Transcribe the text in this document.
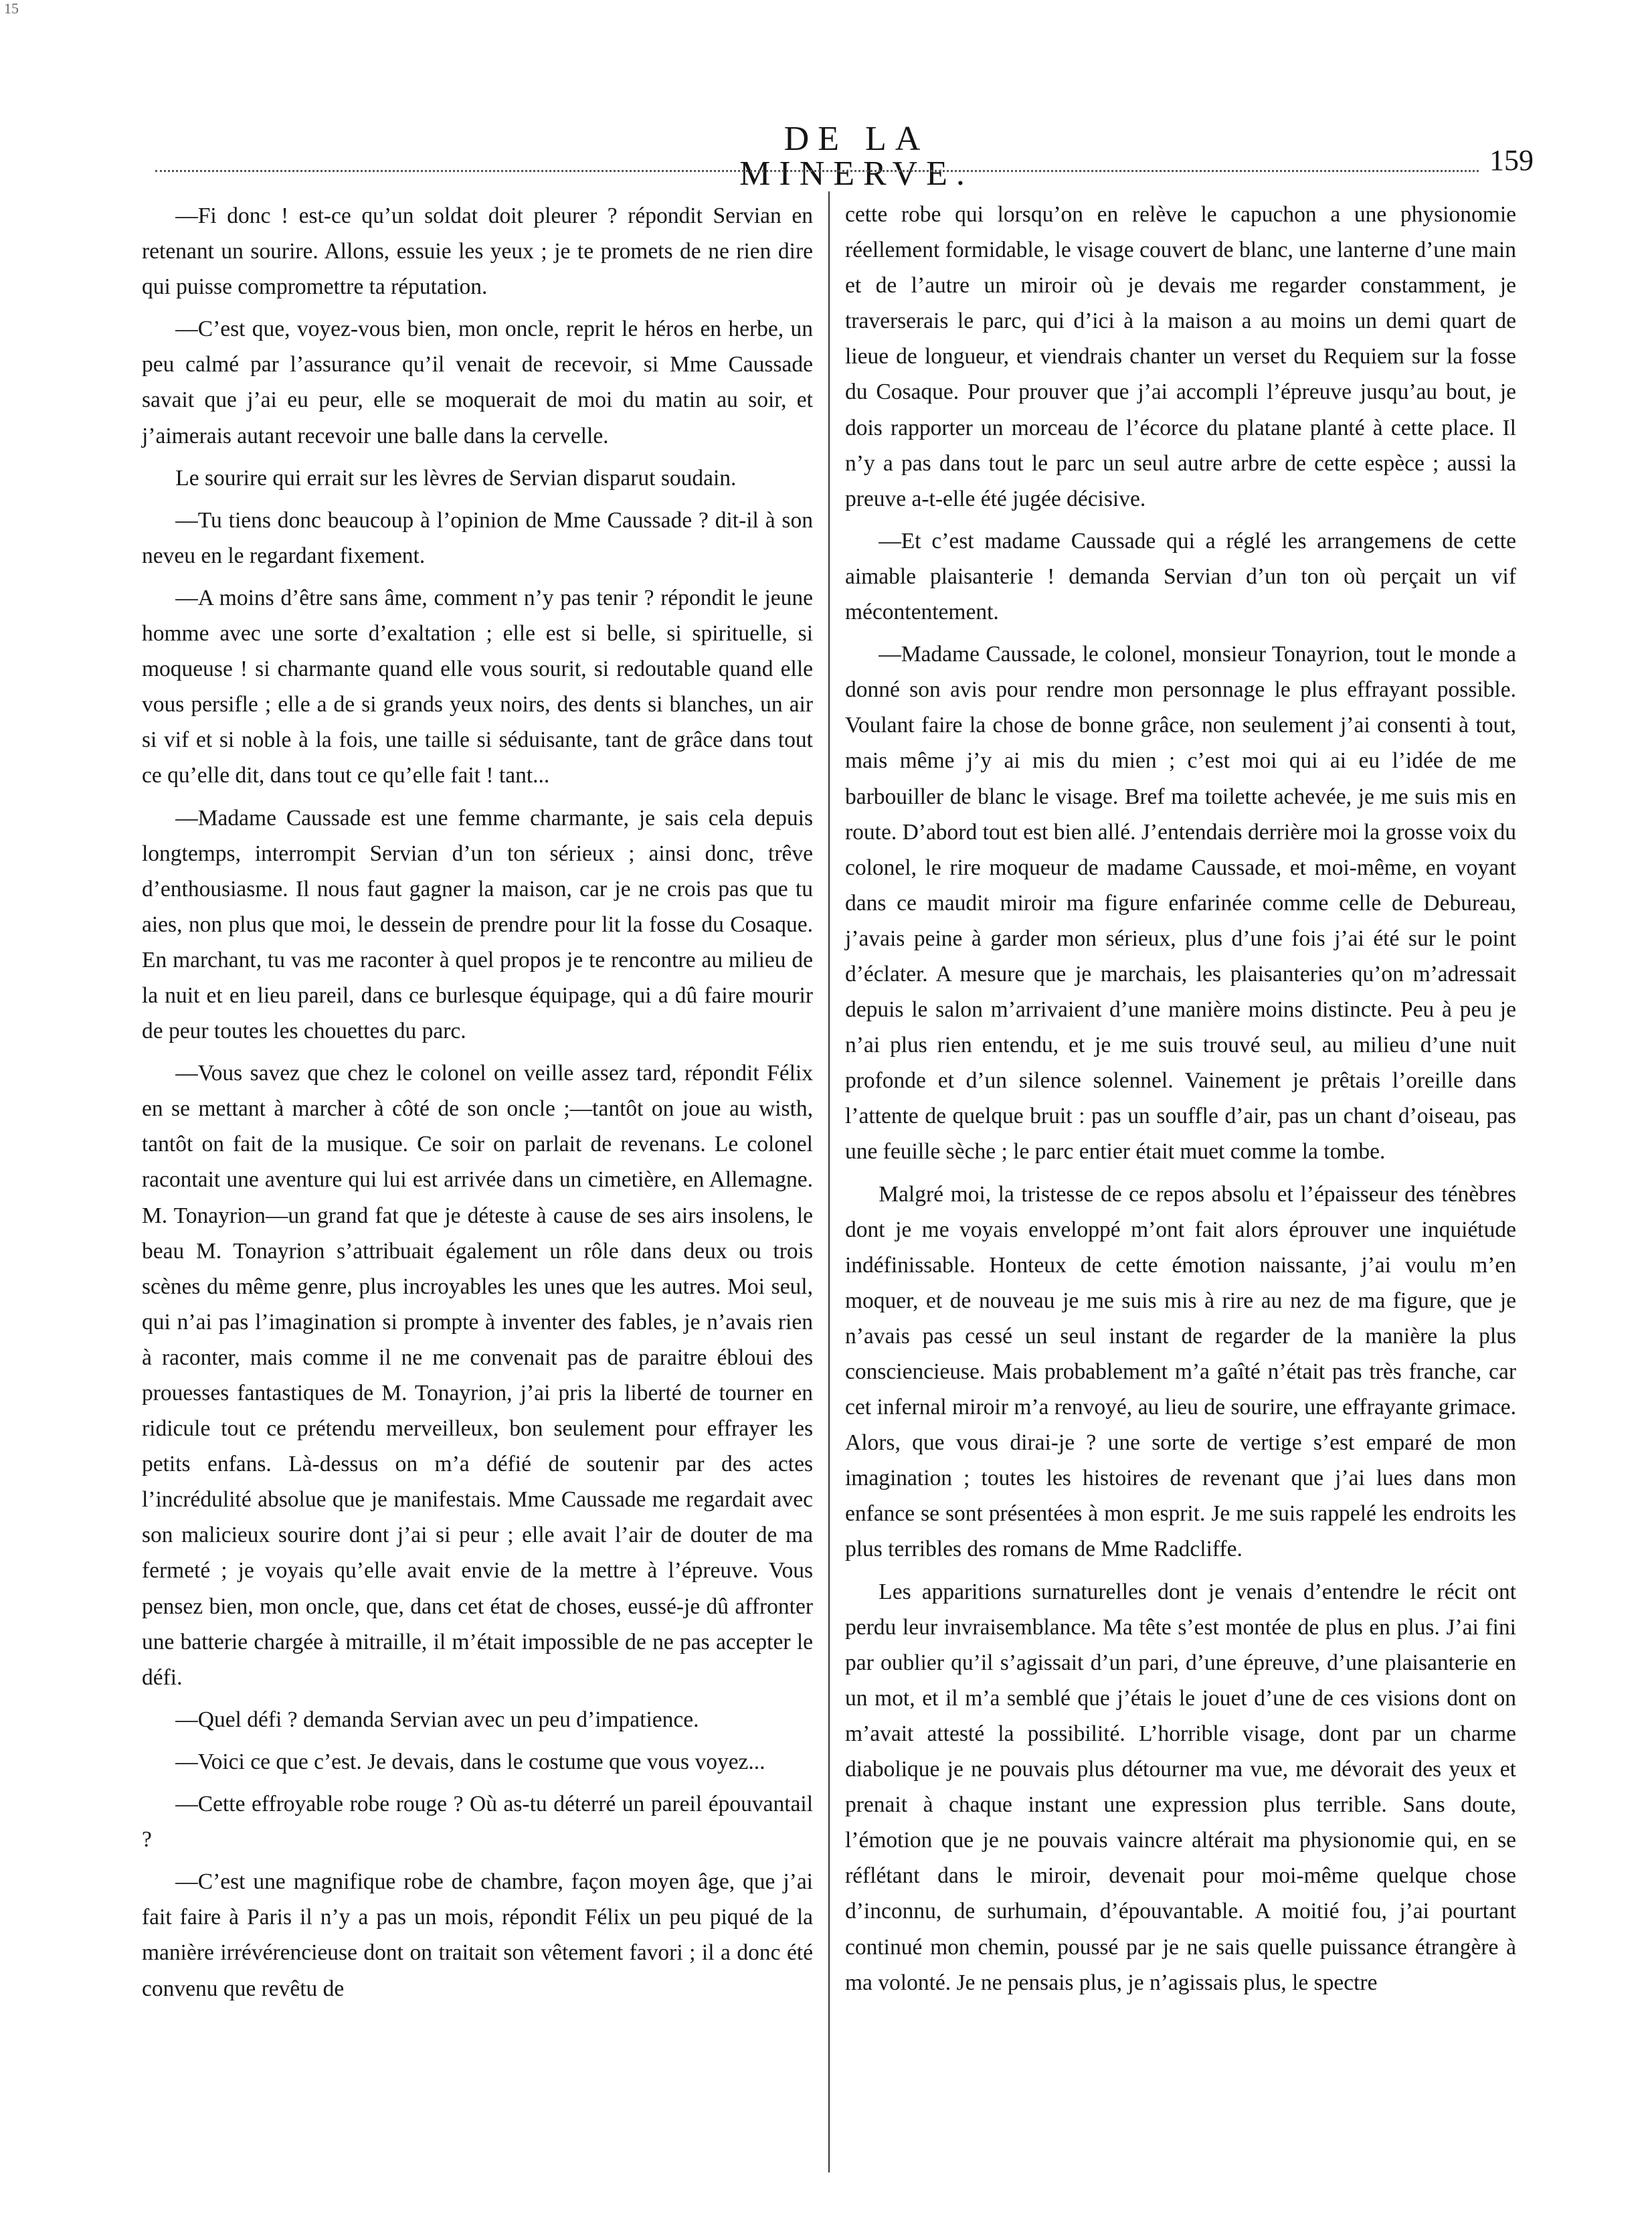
15
DE LA MINERVE.	159

—Fi donc ! est-ce qu’un soldat doit pleurer ? répondit Servian en retenant un sourire. Allons, essuie les yeux ; je te promets de ne rien dire qui puisse compromettre ta réputation.

—C’est que, voyez-vous bien, mon oncle, reprit le héros en herbe, un peu calmé par l’assurance qu’il venait de recevoir, si Mme Caussade savait que j’ai eu peur, elle se moquerait de moi du matin au soir, et j’aimerais autant recevoir une balle dans la cervelle.

Le sourire qui errait sur les lèvres de Servian disparut soudain.

—Tu tiens donc beaucoup à l’opinion de Mme Caussade ? dit-il à son neveu en le regardant fixement.

—A moins d’être sans âme, comment n’y pas tenir ? répondit le jeune homme avec une sorte d’exaltation ; elle est si belle, si spirituelle, si moqueuse ! si charmante quand elle vous sourit, si redoutable quand elle vous persifle ; elle a de si grands yeux noirs, des dents si blanches, un air si vif et si noble à la fois, une taille si séduisante, tant de grâce dans tout ce qu’elle dit, dans tout ce qu’elle fait ! tant...

—Madame Caussade est une femme charmante, je sais cela depuis longtemps, interrompit Servian d’un ton sérieux ; ainsi donc, trêve d’enthousiasme. Il nous faut gagner la maison, car je ne crois pas que tu aies, non plus que moi, le dessein de prendre pour lit la fosse du Cosaque. En marchant, tu vas me raconter à quel propos je te rencontre au milieu de la nuit et en lieu pareil, dans ce burlesque équipage, qui a dû faire mourir de peur toutes les chouettes du parc.

—Vous savez que chez le colonel on veille assez tard, répondit Félix en se mettant à marcher à côté de son oncle ;—tantôt on joue au wisth, tantôt on fait de la musique. Ce soir on parlait de revenans. Le colonel racontait une aventure qui lui est arrivée dans un cimetière, en Allemagne. M. Tonayrion—un grand fat que je déteste à cause de ses airs insolens, le beau M. Tonayrion s’attribuait également un rôle dans deux ou trois scènes du même genre, plus incroyables les unes que les autres. Moi seul, qui n’ai pas l’imagination si prompte à inventer des fables, je n’avais rien à raconter, mais comme il ne me convenait pas de paraitre ébloui des prouesses fantastiques de M. Tonayrion, j’ai pris la liberté de tourner en ridicule tout ce prétendu merveilleux, bon seulement pour effrayer les petits enfans. Là-dessus on m’a défié de soutenir par des actes l’incrédulité absolue que je manifestais. Mme Caussade me regardait avec son malicieux sourire dont j’ai si peur ; elle avait l’air de douter de ma fermeté ; je voyais qu’elle avait envie de la mettre à l’épreuve. Vous pensez bien, mon oncle, que, dans cet état de choses, eussé-je dû affronter une batterie chargée à mitraille, il m’était impossible de ne pas accepter le défi.

—Quel défi ? demanda Servian avec un peu d’impatience.

—Voici ce que c’est. Je devais, dans le costume que vous voyez...

—Cette effroyable robe rouge ? Où as-tu déterré un pareil épouvantail ?

—C’est une magnifique robe de chambre, façon moyen âge, que j’ai fait faire à Paris il n’y a pas un mois, répondit Félix un peu piqué de la manière irrévérencieuse dont on traitait son vêtement favori ; il a donc été convenu que revêtu de

cette robe qui lorsqu’on en relève le capuchon a une physionomie réellement formidable, le visage couvert de blanc, une lanterne d’une main et de l’autre un miroir où je devais me regarder constamment, je traverserais le parc, qui d’ici à la maison a au moins un demi quart de lieue de longueur, et viendrais chanter un verset du Requiem sur la fosse du Cosaque. Pour prouver que j’ai accompli l’épreuve jusqu’au bout, je dois rapporter un morceau de l’écorce du platane planté à cette place. Il n’y a pas dans tout le parc un seul autre arbre de cette espèce ; aussi la preuve a-t-elle été jugée décisive.

—Et c’est madame Caussade qui a réglé les arrangemens de cette aimable plaisanterie ! demanda Servian d’un ton où perçait un vif mécontentement.

—Madame Caussade, le colonel, monsieur Tonayrion, tout le monde a donné son avis pour rendre mon personnage le plus effrayant possible. Voulant faire la chose de bonne grâce, non seulement j’ai consenti à tout, mais même j’y ai mis du mien ; c’est moi qui ai eu l’idée de me barbouiller de blanc le visage. Bref ma toilette achevée, je me suis mis en route. D’abord tout est bien allé. J’entendais derrière moi la grosse voix du colonel, le rire moqueur de madame Caussade, et moi-même, en voyant dans ce maudit miroir ma figure enfarinée comme celle de Debureau, j’avais peine à garder mon sérieux, plus d’une fois j’ai été sur le point d’éclater. A mesure que je marchais, les plaisanteries qu’on m’adressait depuis le salon m’arrivaient d’une manière moins distincte. Peu à peu je n’ai plus rien entendu, et je me suis trouvé seul, au milieu d’une nuit profonde et d’un silence solennel. Vainement je prêtais l’oreille dans l’attente de quelque bruit : pas un souffle d’air, pas un chant d’oiseau, pas une feuille sèche ; le parc entier était muet comme la tombe.

Malgré moi, la tristesse de ce repos absolu et l’épaisseur des ténèbres dont je me voyais enveloppé m’ont fait alors éprouver une inquiétude indéfinissable. Honteux de cette émotion naissante, j’ai voulu m’en moquer, et de nouveau je me suis mis à rire au nez de ma figure, que je n’avais pas cessé un seul instant de regarder de la manière la plus consciencieuse. Mais probablement m’a gaîté n’était pas très franche, car cet infernal miroir m’a renvoyé, au lieu de sourire, une effrayante grimace. Alors, que vous dirai-je ? une sorte de vertige s’est emparé de mon imagination ; toutes les histoires de revenant que j’ai lues dans mon enfance se sont présentées à mon esprit. Je me suis rappelé les endroits les plus terribles des romans de Mme Radcliffe.

Les apparitions surnaturelles dont je venais d’entendre le récit ont perdu leur invraisemblance. Ma tête s’est montée de plus en plus. J’ai fini par oublier qu’il s’agissait d’un pari, d’une épreuve, d’une plaisanterie en un mot, et il m’a semblé que j’étais le jouet d’une de ces visions dont on m’avait attesté la possibilité. L’horrible visage, dont par un charme diabolique je ne pouvais plus détourner ma vue, me dévorait des yeux et prenait à chaque instant une expression plus terrible. Sans doute, l’émotion que je ne pouvais vaincre altérait ma physionomie qui, en se réflétant dans le miroir, devenait pour moi-même quelque chose d’inconnu, de surhumain, d’épouvantable. A moitié fou, j’ai pourtant continué mon chemin, poussé par je ne sais quelle puissance étrangère à ma volonté. Je ne pensais plus, je n’agissais plus, le spectre
